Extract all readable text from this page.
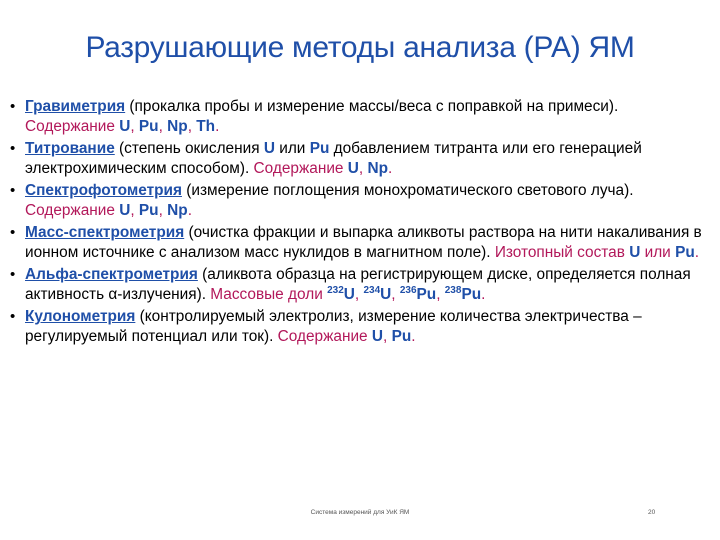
Разрушающие методы анализа (РА) ЯМ
• Гравиметрия (прокалка пробы и измерение массы/веса с поправкой на примеси). Содержание U, Pu, Np, Th.
• Титрование (степень окисления U или Pu добавлением титранта или его генерацией электрохимическим способом). Содержание U, Np.
• Спектрофотометрия (измерение поглощения монохроматического светового луча). Содержание U, Pu, Np.
• Масс-спектрометрия (очистка фракции и выпарка аликвоты раствора на нити накаливания в ионном источнике с анализом масс нуклидов в магнитном поле). Изотопный состав U или Pu.
• Альфа-спектрометрия (аликвота образца на регистрирующем диске, определяется полная активность α-излучения). Массовые доли $^{232}$U, $^{234}$U, $^{236}$Pu, $^{238}$Pu.
• Кулонометрия (контролируемый электролиз, измерение количества электричества – регулируемый потенциал или ток). Содержание U, Pu.
Система измерений для УиК ЯМ	20
